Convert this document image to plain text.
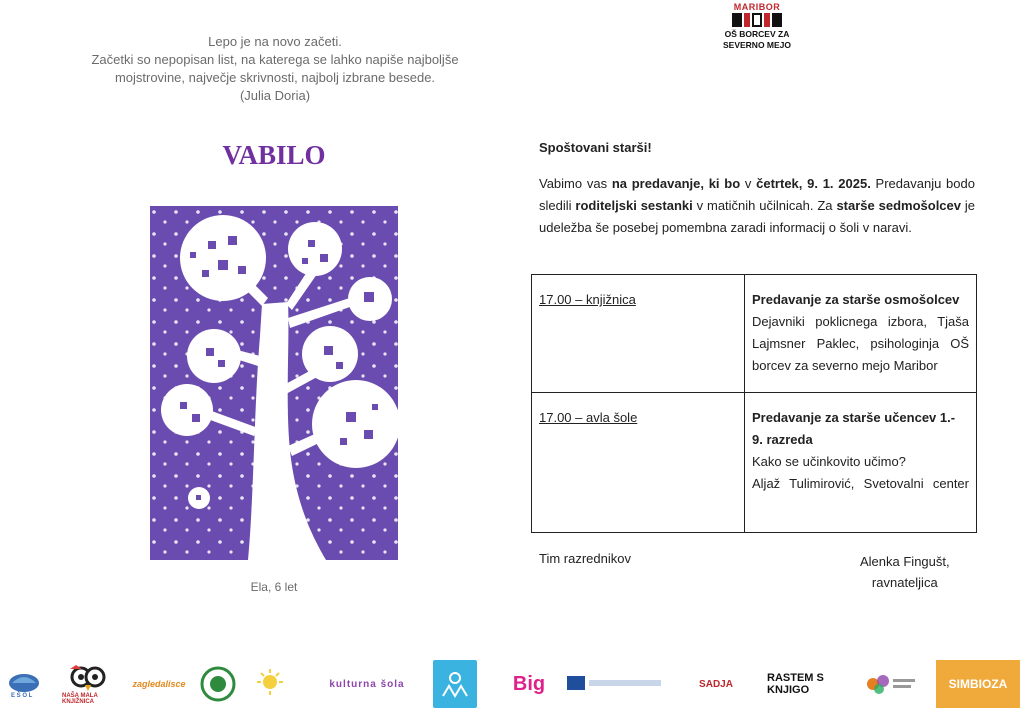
Lepo je na novo začeti.
Začetki so nepopisan list, na katerega se lahko napiše najboljše
mojstrovine, največje skrivnosti, najbolj izbrane besede.
(Julia Doria)
MARIBOR
OŠ BORCEV ZA
SEVERNO MEJO
VABILO
Ela, 6 let

Spoštovani starši!

Vabimo vas na predavanje, ki bo v četrtek, 9. 1. 2025. Predavanju bodo sledili roditeljski sestanki v matičnih učilnicah. Za starše sedmošolcev je udeležba še posebej pomembna zaradi informacij o šoli v naravi.

17.00 – knjižnica	Predavanje za starše osmošolcev
Dejavniki poklicnega izbora, Tjaša Lajmsner Paklec, psihologinja OŠ borcev za severno mejo Maribor

17.00 – avla šole	Predavanje za starše učencev 1.- 9. razreda
Kako se učinkovito učimo?
Aljaž Tulimirović, Svetovalni center
Tim razrednikov	Alenka Fingušt,
ravnateljica
E Š O L	NAŠA MALA KNJIŽNICA
zagledalisce	kulturna šola	Big	SADJA	RASTEM S KNJIGO	SIMBIOZA
